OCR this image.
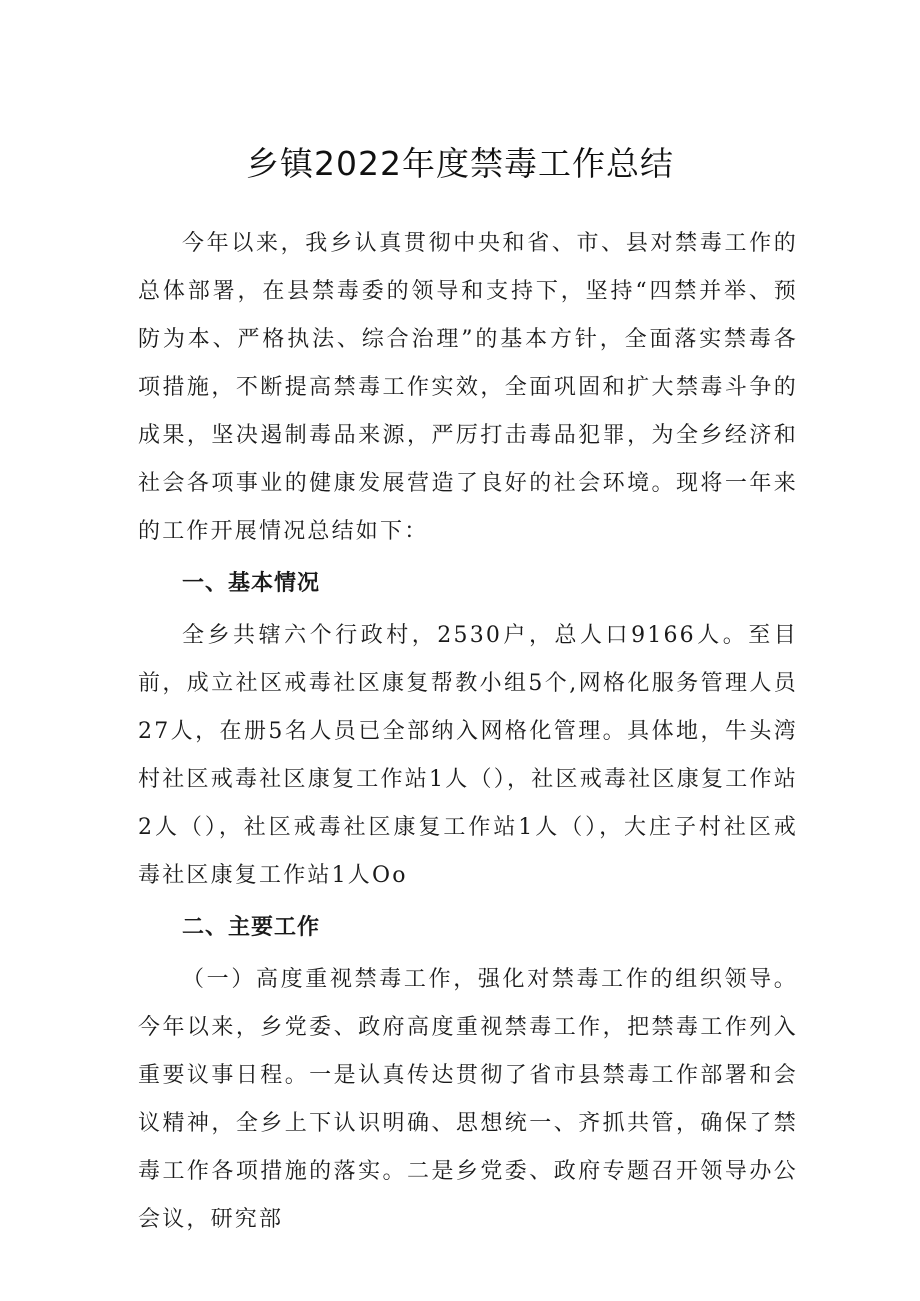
乡镇2022年度禁毒工作总结

今年以来，我乡认真贯彻中央和省、市、县对禁毒工作的总体部署，在县禁毒委的领导和支持下，坚持“四禁并举、预防为本、严格执法、综合治理”的基本方针，全面落实禁毒各项措施，不断提高禁毒工作实效，全面巩固和扩大禁毒斗争的成果，坚决遏制毒品来源，严厉打击毒品犯罪，为全乡经济和社会各项事业的健康发展营造了良好的社会环境。现将一年来的工作开展情况总结如下：

一、基本情况

全乡共辖六个行政村，2530户，总人口9166人。至目前，成立社区戒毒社区康复帮教小组5个,网格化服务管理人员27人，在册5名人员已全部纳入网格化管理。具体地，牛头湾村社区戒毒社区康复工作站1人（），社区戒毒社区康复工作站2人（），社区戒毒社区康复工作站1人（），大庄子村社区戒毒社区康复工作站1人Oo

二、主要工作

（一）高度重视禁毒工作，强化对禁毒工作的组织领导。今年以来，乡党委、政府高度重视禁毒工作，把禁毒工作列入重要议事日程。一是认真传达贯彻了省市县禁毒工作部署和会议精神，全乡上下认识明确、思想统一、齐抓共管，确保了禁毒工作各项措施的落实。二是乡党委、政府专题召开领导办公会议，研究部
